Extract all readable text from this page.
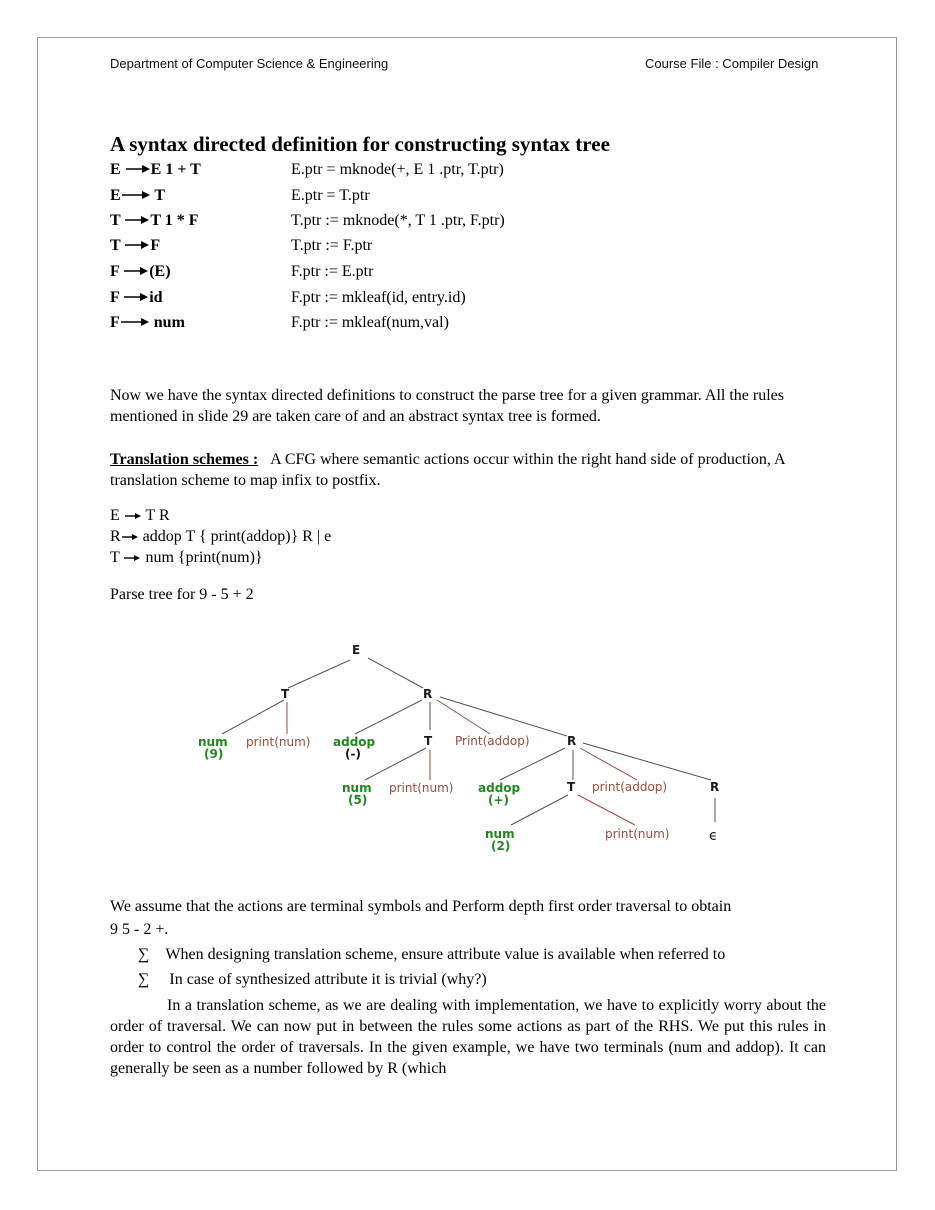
Department of Computer Science & Engineering	Course File : Compiler Design
A syntax directed definition for constructing syntax tree
E E 1 + T	E.ptr = mknode(+, E 1 .ptr, T.ptr)
E T	E.ptr = T.ptr
T T 1 * F	T.ptr := mknode(*, T 1 .ptr, F.ptr)
T F	T.ptr := F.ptr
F (E)	F.ptr := E.ptr
F id	F.ptr := mkleaf(id, entry.id)
F num	F.ptr := mkleaf(num,val)
Now we have the syntax directed definitions to construct the parse tree for a given grammar. All the rules mentioned in slide 29 are taken care of and an abstract syntax tree is formed.
Translation schemes : A CFG where semantic actions occur within the right hand side of production, A translation scheme to map infix to postfix.
E T R
R addop T { print(addop)} R | e
T num {print(num)}
Parse tree for 9 - 5 + 2
E
T	R
num
(9)
print(num) addop
(-)
T Print(addop)	R
num
(5)
print(num) addop
(+)
T print(addop)	R
num
(2)
print(num)	ϵ
We assume that the actions are terminal symbols and Perform depth first order traversal to obtain
9 5 - 2 +.
∑ When designing translation scheme, ensure attribute value is available when referred to
∑ In case of synthesized attribute it is trivial (why?)
In a translation scheme, as we are dealing with implementation, we have to explicitly worry about the order of traversal. We can now put in between the rules some actions as part of the RHS. We put this rules in order to control the order of traversals. In the given example, we have two terminals (num and addop). It can generally be seen as a number followed by R (which
